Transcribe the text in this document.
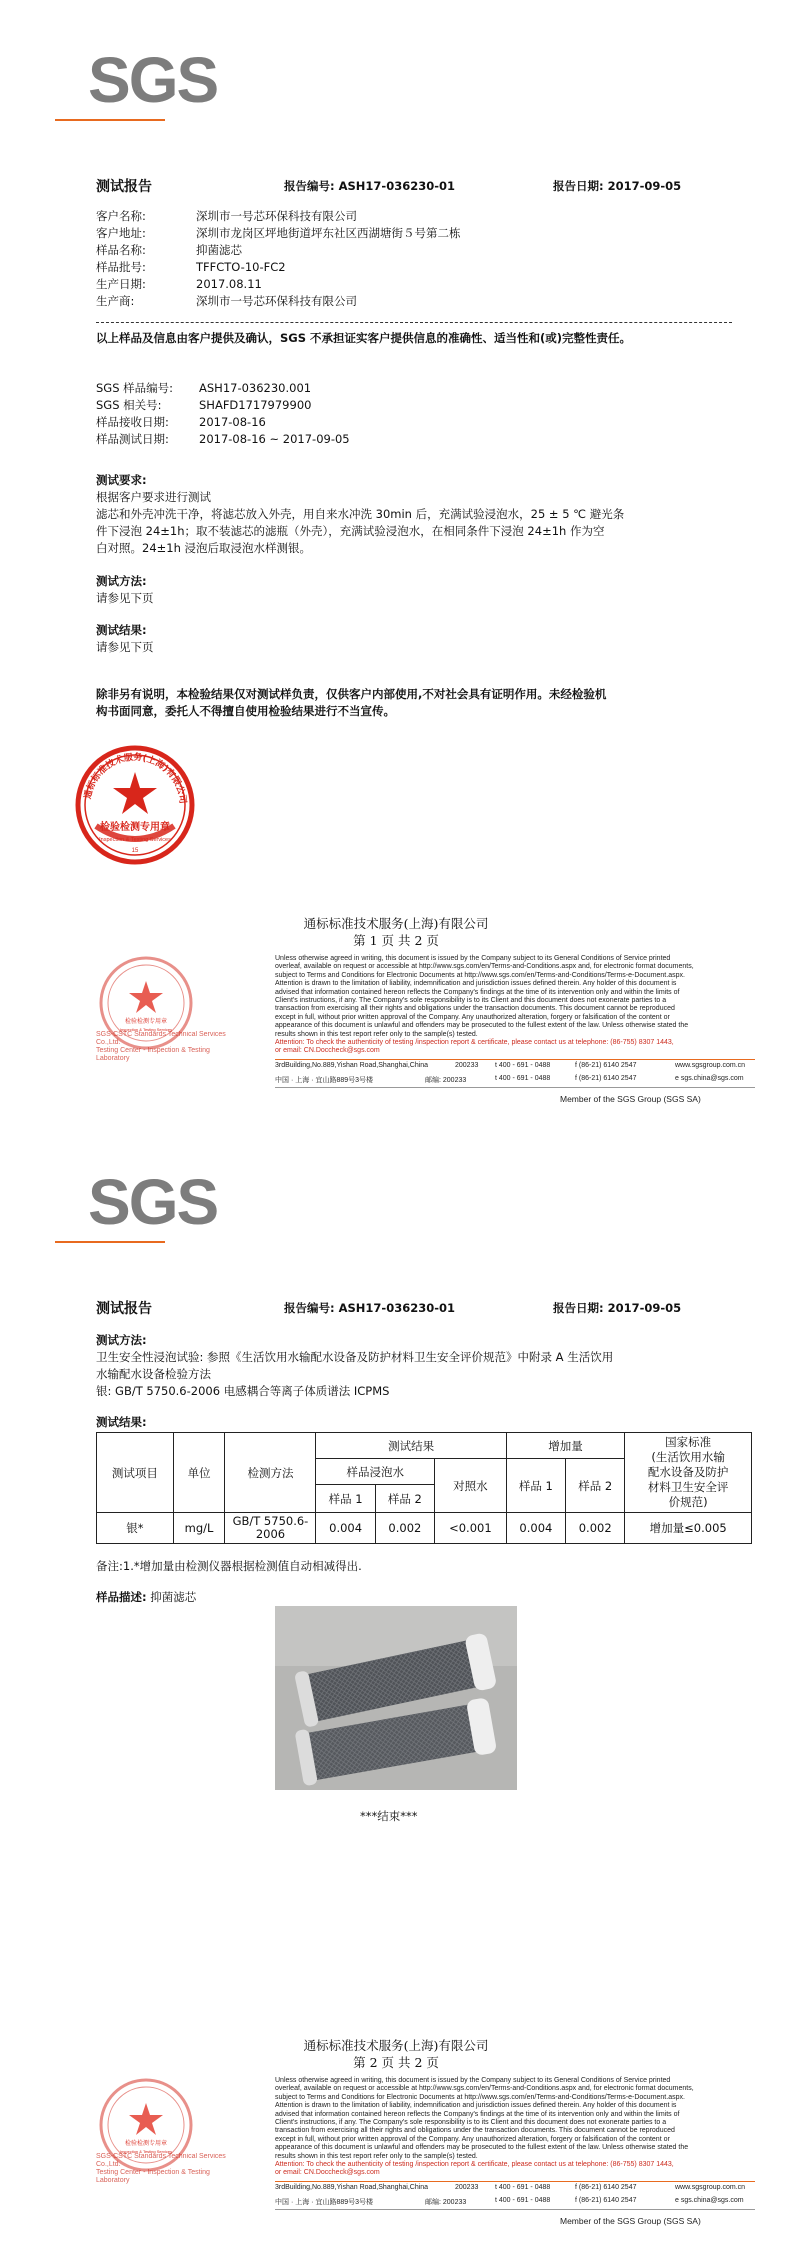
SGS
测试报告	报告编号: ASH17-036230-01	报告日期: 2017-09-05
客户名称:	深圳市一号芯环保科技有限公司
客户地址:	深圳市龙岗区坪地街道坪东社区西湖塘街５号第二栋
样品名称:	抑菌滤芯
样品批号:	TFFCTO-10-FC2
生产日期:	2017.08.11
生产商:	深圳市一号芯环保科技有限公司
以上样品及信息由客户提供及确认，SGS 不承担证实客户提供信息的准确性、适当性和(或)完整性责任。
SGS 样品编号: ASH17-036230.001
SGS 相关号:	SHAFD1717979900
样品接收日期:	2017-08-16
样品测试日期:	2017-08-16 ~ 2017-09-05
测试要求:
根据客户要求进行测试
滤芯和外壳冲洗干净，将滤芯放入外壳，用自来水冲洗 30min 后，充满试验浸泡水，25 ± 5 ℃ 避光条
件下浸泡 24±1h；取不装滤芯的滤瓶（外壳），充满试验浸泡水，在相同条件下浸泡 24±1h 作为空
白对照。24±1h 浸泡后取浸泡水样测银。
测试方法:
请参见下页
测试结果:
请参见下页
除非另有说明，本检验结果仅对测试样负责，仅供客户内部使用,不对社会具有证明作用。未经检验机
构书面同意，委托人不得擅自使用检验结果进行不当宣传。
检验检测专用章
Inspection & Testing Services
15
通标标准技术服务(上海)有限公司
通标标准技术服务(上海)有限公司
第 1 页 共 2 页
检验检测专用章
Inspection & Testing Services
SGS-CSTC Standards Technical Services Co.,Ltd.
Testing Center - Inspection & Testing Laboratory
Unless otherwise agreed in writing, this document is issued by the Company subject to its General Conditions of Service printed
overleaf, available on request or accessible at http://www.sgs.com/en/Terms-and-Conditions.aspx and, for electronic format documents,
subject to Terms and Conditions for Electronic Documents at http://www.sgs.com/en/Terms-and-Conditions/Terms-e-Document.aspx.
Attention is drawn to the limitation of liability, indemnification and jurisdiction issues defined therein. Any holder of this document is
advised that information contained hereon reflects the Company's findings at the time of its intervention only and within the limits of
Client's instructions, if any. The Company's sole responsibility is to its Client and this document does not exonerate parties to a
transaction from exercising all their rights and obligations under the transaction documents. This document cannot be reproduced
except in full, without prior written approval of the Company. Any unauthorized alteration, forgery or falsification of the content or
appearance of this document is unlawful and offenders may be prosecuted to the fullest extent of the law. Unless otherwise stated the
results shown in this test report refer only to the sample(s) tested.
Attention: To check the authenticity of testing /inspection report & certificate, please contact us at telephone: (86-755) 8307 1443,
or email: CN.Doccheck@sgs.com
3rdBuilding,No.889,Yishan Road,Shanghai,China	200233 t 400 - 691 - 0488	f (86-21) 6140 2547	www.sgsgroup.com.cn
中国 · 上海 · 宜山路889号3号楼	邮编: 200233	t 400 - 691 - 0488	f (86-21) 6140 2547	e sgs.china@sgs.com
Member of the SGS Group (SGS SA)
SGS
测试报告	报告编号: ASH17-036230-01	报告日期: 2017-09-05
测试方法:
卫生安全性浸泡试验: 参照《生活饮用水输配水设备及防护材料卫生安全评价规范》中附录 A 生活饮用
水输配水设备检验方法
银: GB/T 5750.6-2006 电感耦合等离子体质谱法 ICPMS
测试结果:
测试项目	单位	检测方法	测试结果			增加量		国家标准
(生活饮用水输
配水设备及防护
材料卫生安全评
价规范)

			样品浸泡水		对照水	样品 1	样品 2	
			样品 1	样品 2				
银*	mg/L	GB/T 5750.6-2006	0.004	0.002	<0.001	0.004	0.002	增加量≤0.005
备注:1.*增加量由检测仪器根据检测值自动相减得出.
样品描述: 抑菌滤芯
***结束***
通标标准技术服务(上海)有限公司
第 2 页 共 2 页
检验检测专用章
Inspection & Testing Services
SGS-CSTC Standards Technical Services Co.,Ltd.
Testing Center - Inspection & Testing Laboratory
Unless otherwise agreed in writing, this document is issued by the Company subject to its General Conditions of Service printed
overleaf, available on request or accessible at http://www.sgs.com/en/Terms-and-Conditions.aspx and, for electronic format documents,
subject to Terms and Conditions for Electronic Documents at http://www.sgs.com/en/Terms-and-Conditions/Terms-e-Document.aspx.
Attention is drawn to the limitation of liability, indemnification and jurisdiction issues defined therein. Any holder of this document is
advised that information contained hereon reflects the Company's findings at the time of its intervention only and within the limits of
Client's instructions, if any. The Company's sole responsibility is to its Client and this document does not exonerate parties to a
transaction from exercising all their rights and obligations under the transaction documents. This document cannot be reproduced
except in full, without prior written approval of the Company. Any unauthorized alteration, forgery or falsification of the content or
appearance of this document is unlawful and offenders may be prosecuted to the fullest extent of the law. Unless otherwise stated the
results shown in this test report refer only to the sample(s) tested.
Attention: To check the authenticity of testing /inspection report & certificate, please contact us at telephone: (86-755) 8307 1443,
or email: CN.Doccheck@sgs.com
3rdBuilding,No.889,Yishan Road,Shanghai,China	200233 t 400 - 691 - 0488	f (86-21) 6140 2547	www.sgsgroup.com.cn
中国 · 上海 · 宜山路889号3号楼	邮编: 200233	t 400 - 691 - 0488	f (86-21) 6140 2547	e sgs.china@sgs.com
Member of the SGS Group (SGS SA)
